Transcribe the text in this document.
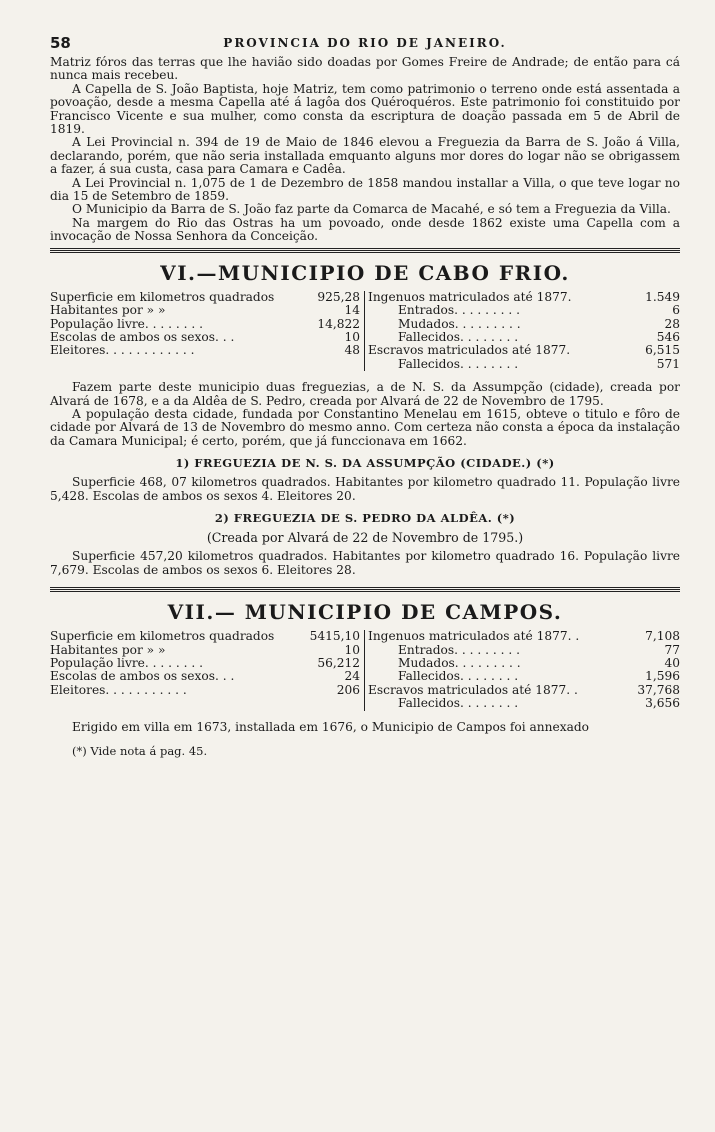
58	PROVINCIA DO RIO DE JANEIRO.

Matriz fóros das terras que lhe havião sido doadas por Gomes Freire de Andrade; de então para cá nunca mais recebeu.

A Capella de S. João Baptista, hoje Matriz, tem como patrimonio o terreno onde está assentada a povoação, desde a mesma Capella até á lagôa dos Quéroquéros. Este patrimonio foi constituido por Francisco Vicente e sua mulher, como consta da escriptura de doação passada em 5 de Abril de 1819.

A Lei Provincial n. 394 de 19 de Maio de 1846 elevou a Freguezia da Barra de S. João á Villa, declarando, porém, que não seria installada emquanto alguns mor dores do logar não se obrigassem a fazer, á sua custa, casa para Camara e Cadêa.

A Lei Provincial n. 1,075 de 1 de Dezembro de 1858 mandou installar a Villa, o que teve logar no dia 15 de Setembro de 1859.

O Municipio da Barra de S. João faz parte da Comarca de Macahé, e só tem a Freguezia da Villa.

Na margem do Rio das Ostras ha um povoado, onde desde 1862 existe uma Capella com a invocação de Nossa Senhora da Conceição.

VI.—MUNICIPIO DE CABO FRIO.
Superficie em kilometros quadrados	925,28
Habitantes por » »	14
População livre. . . . . . . .	14,822
Escolas de ambos os sexos. . .	10
Eleitores. . . . . . . . . . . .	48
Ingenuos matriculados até 1877.	1.549
Entrados. . . . . . . . .	6
Mudados. . . . . . . . .	28
Fallecidos. . . . . . . .	546
Escravos matriculados até 1877.	6,515
Fallecidos. . . . . . . .	571

Fazem parte deste municipio duas freguezias, a de N. S. da Assumpção (cidade), creada por Alvará de 1678, e a da Aldêa de S. Pedro, creada por Alvará de 22 de Novembro de 1795.

A população desta cidade, fundada por Constantino Menelau em 1615, obteve o titulo e fôro de cidade por Alvará de 13 de Novembro do mesmo anno. Com certeza não consta a época da instalação da Camara Municipal; é certo, porém, que já funccionava em 1662.

1) FREGUEZIA DE N. S. DA ASSUMPÇÃO (CIDADE.) (*)

Superficie 468, 07 kilometros quadrados. Habitantes por kilometro quadrado 11. População livre 5,428. Escolas de ambos os sexos 4. Eleitores 20.

2) FREGUEZIA DE S. PEDRO DA ALDÊA. (*)

(Creada por Alvará de 22 de Novembro de 1795.)

Superficie 457,20 kilometros quadrados. Habitantes por kilometro quadrado 16. População livre 7,679. Escolas de ambos os sexos 6. Eleitores 28.

VII.— MUNICIPIO DE CAMPOS.
Superficie em kilometros quadrados	5415,10
Habitantes por » »	10
População livre. . . . . . . .	56,212
Escolas de ambos os sexos. . .	24
Eleitores. . . . . . . . . . .	206
Ingenuos matriculados até 1877. .	7,108
Entrados. . . . . . . . .	77
Mudados. . . . . . . . .	40
Fallecidos. . . . . . . .	1,596
Escravos matriculados até 1877. .	37,768
Fallecidos. . . . . . . .	3,656

Erigido em villa em 1673, installada em 1676, o Municipio de Campos foi annexado

(*) Vide nota á pag. 45.
